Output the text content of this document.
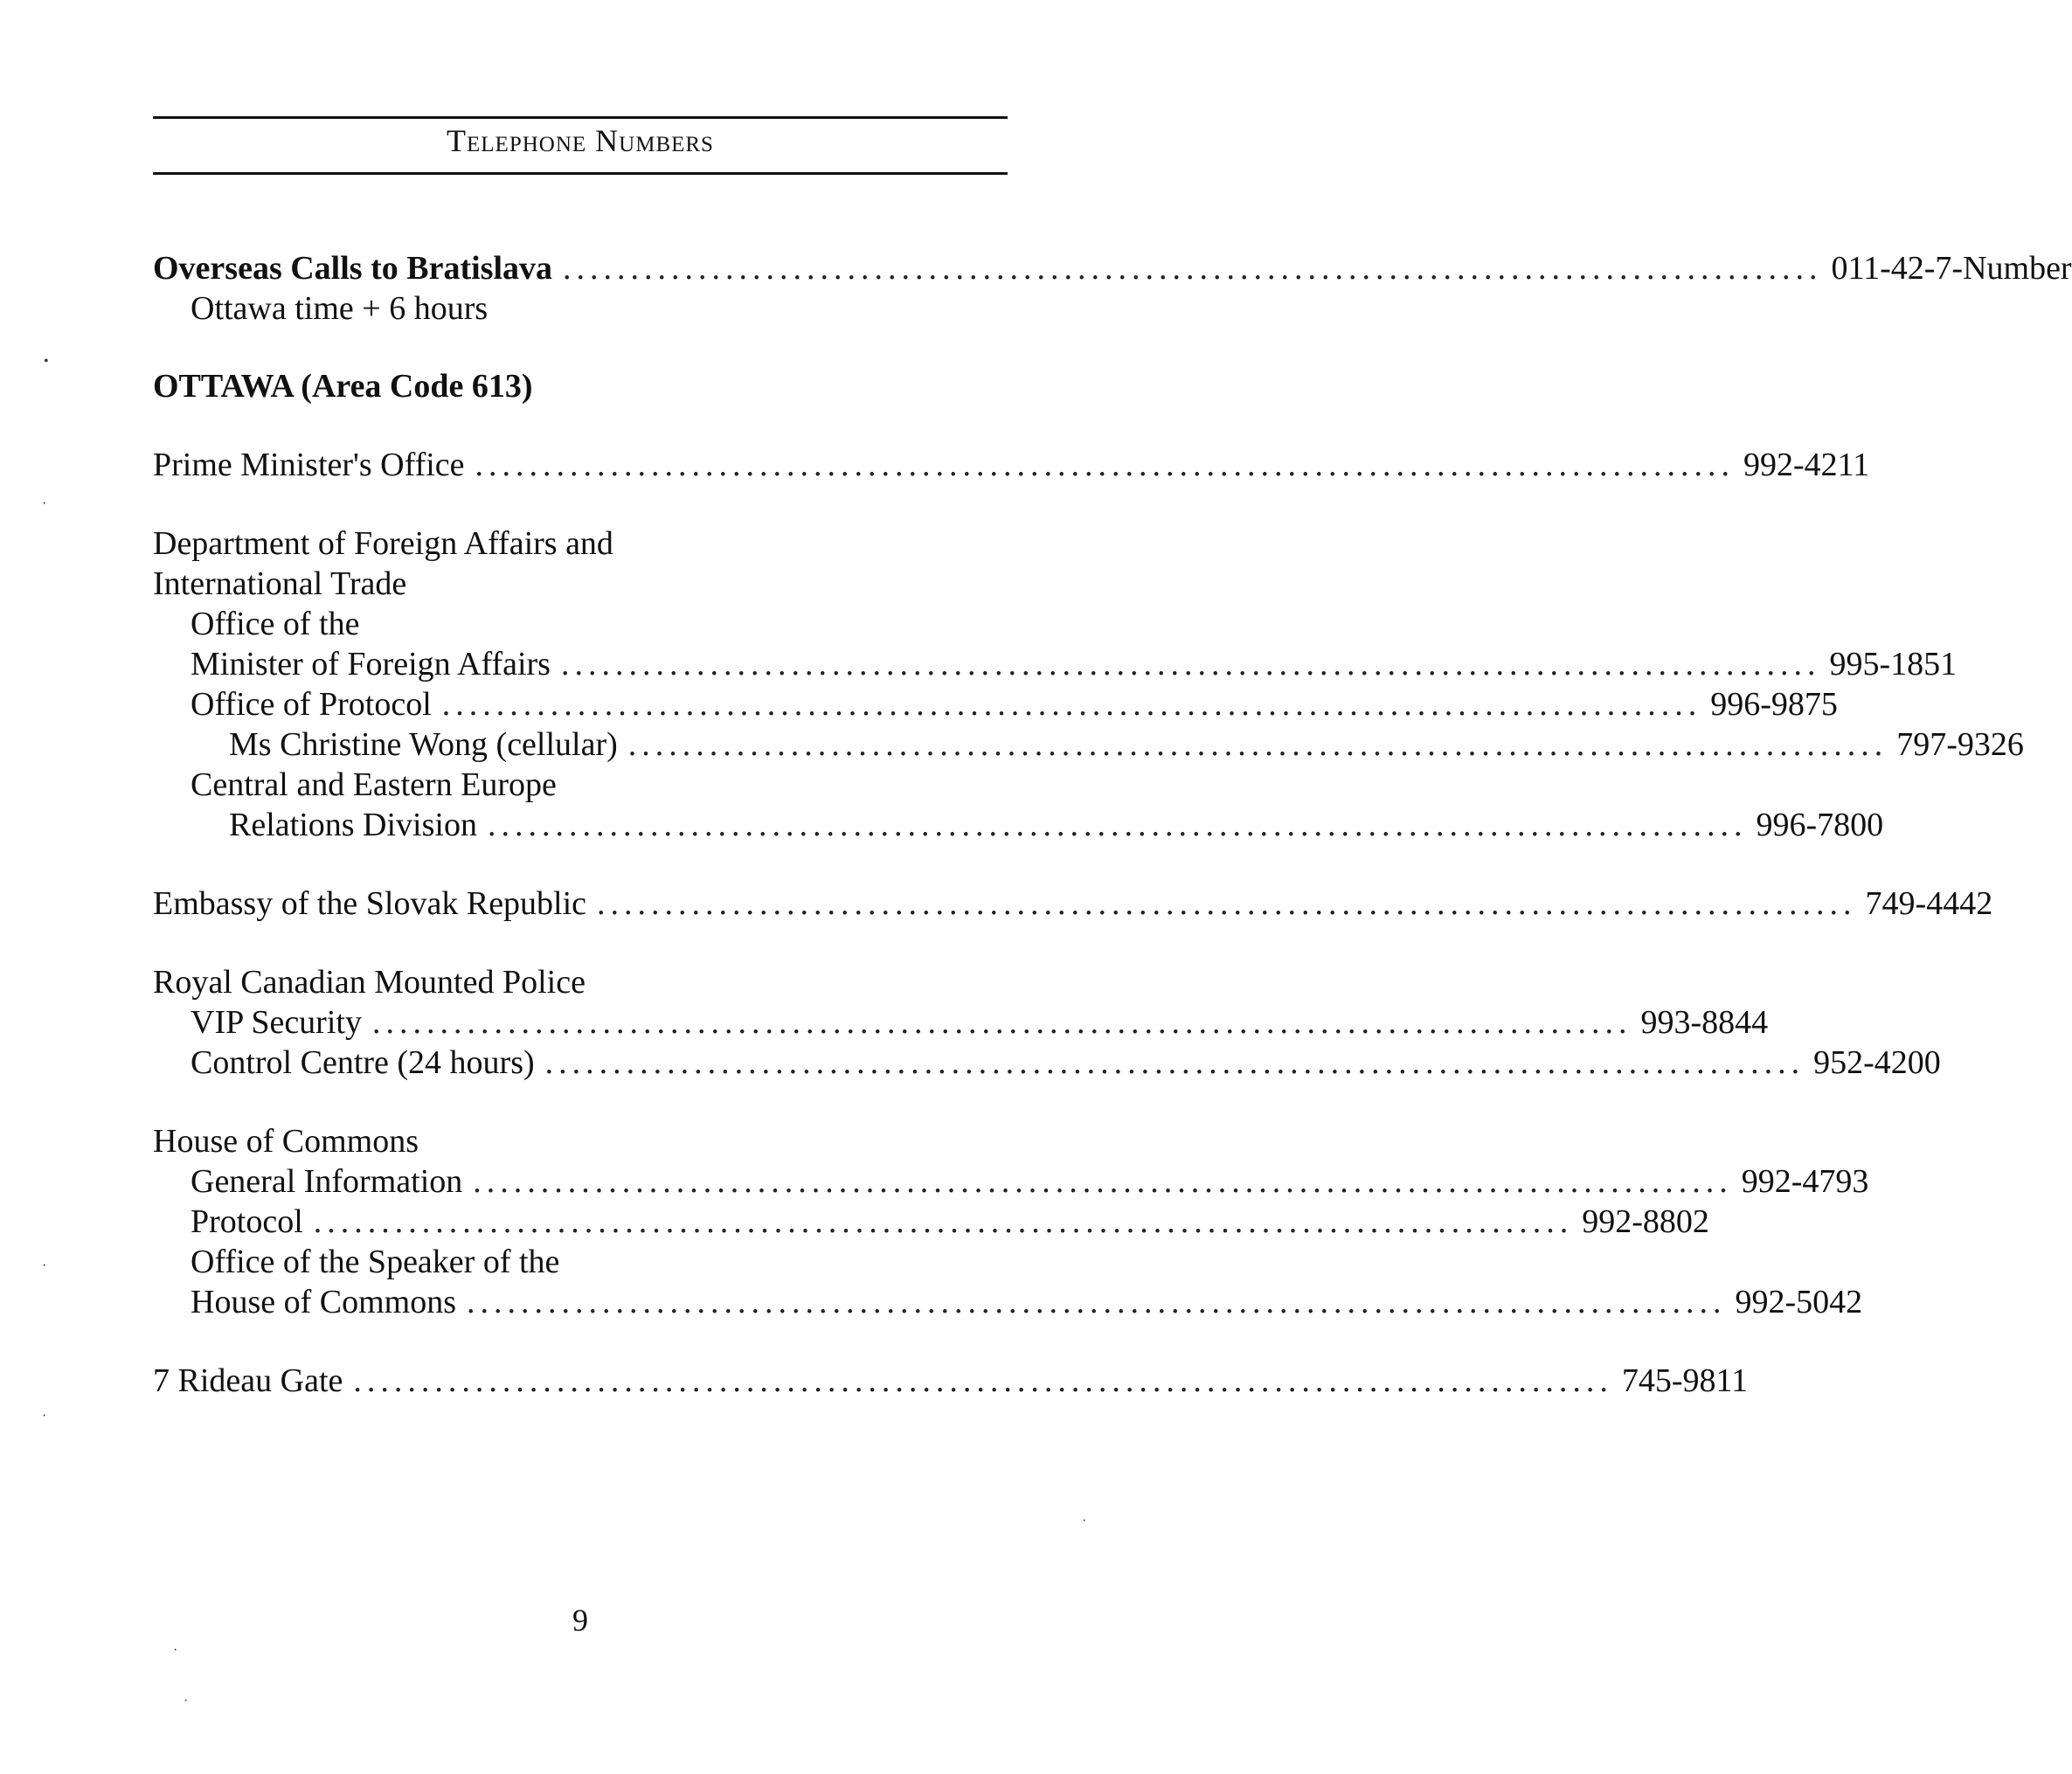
Telephone Numbers
Overseas Calls to Bratislava ............................................................................................. 011-42-7-Number
Ottawa time + 6 hours
OTTAWA (Area Code 613)
Prime Minister's Office ............................................................................................. 992-4211
Department of Foreign Affairs and
International Trade
Office of the
Minister of Foreign Affairs ............................................................................................. 995-1851
Office of Protocol ............................................................................................. 996-9875
Ms Christine Wong (cellular) ............................................................................................. 797-9326
Central and Eastern Europe
Relations Division ............................................................................................. 996-7800
Embassy of the Slovak Republic ............................................................................................. 749-4442
Royal Canadian Mounted Police
VIP Security ............................................................................................. 993-8844
Control Centre (24 hours) ............................................................................................. 952-4200
House of Commons
General Information ............................................................................................. 992-4793
Protocol ............................................................................................. 992-8802
Office of the Speaker of the
House of Commons ............................................................................................. 992-5042
7 Rideau Gate ............................................................................................. 745-9811
9
•
·
·
·
·
·
·
